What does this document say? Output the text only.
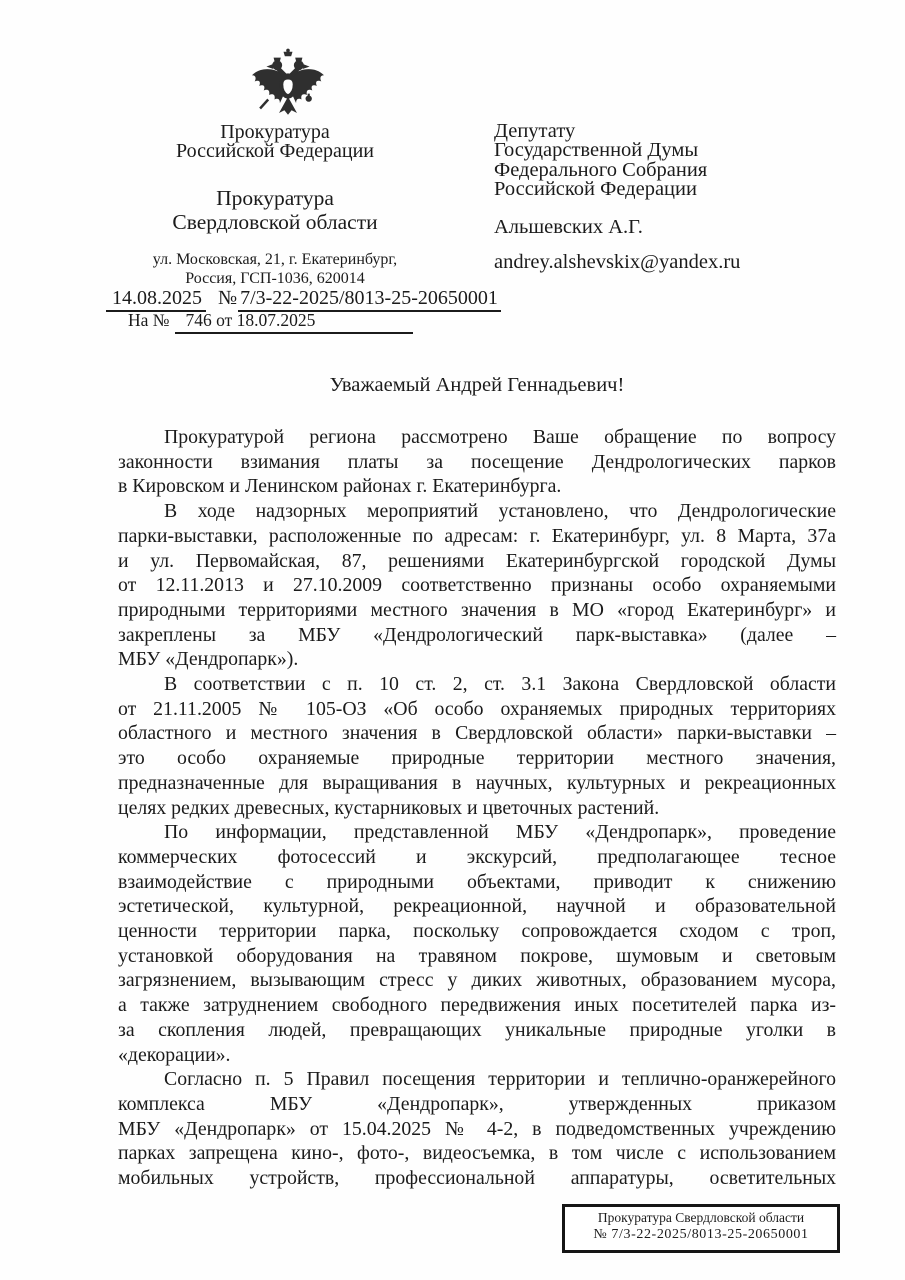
Прокуратура
Российской Федерации
Прокуратура
Свердловской области
ул. Московская, 21, г. Екатеринбург,
Россия, ГСП-1036, 620014
14.08.2025 № 7/3-22-2025/8013-25-20650001
На № 746 от 18.07.2025
Депутату
Государственной Думы
Федерального Собрания
Российской Федерации
Альшевских А.Г.
andrey.alshevskix@yandex.ru
Уважаемый Андрей Геннадьевич!
Прокуратурой региона рассмотрено Ваше обращение по вопросу
законности взимания платы за посещение Дендрологических парков
в Кировском и Ленинском районах г. Екатеринбурга.
В ходе надзорных мероприятий установлено, что Дендрологические
парки-выставки, расположенные по адресам: г. Екатеринбург, ул. 8 Марта, 37а
и ул. Первомайская, 87, решениями Екатеринбургской городской Думы
от 12.11.2013 и 27.10.2009 соответственно признаны особо охраняемыми
природными территориями местного значения в МО «город Екатеринбург» и
закреплены за МБУ «Дендрологический парк-выставка» (далее –
МБУ «Дендропарк»).
В соответствии с п. 10 ст. 2, ст. 3.1 Закона Свердловской области
от 21.11.2005 № 105-ОЗ «Об особо охраняемых природных территориях
областного и местного значения в Свердловской области» парки-выставки –
это особо охраняемые природные территории местного значения,
предназначенные для выращивания в научных, культурных и рекреационных
целях редких древесных, кустарниковых и цветочных растений.
По информации, представленной МБУ «Дендропарк», проведение
коммерческих фотосессий и экскурсий, предполагающее тесное
взаимодействие с природными объектами, приводит к снижению
эстетической, культурной, рекреационной, научной и образовательной
ценности территории парка, поскольку сопровождается сходом с троп,
установкой оборудования на травяном покрове, шумовым и световым
загрязнением, вызывающим стресс у диких животных, образованием мусора,
а также затруднением свободного передвижения иных посетителей парка из-
за скопления людей, превращающих уникальные природные уголки в
«декорации».
Согласно п. 5 Правил посещения территории и теплично-оранжерейного
комплекса МБУ «Дендропарк», утвержденных приказом
МБУ «Дендропарк» от 15.04.2025 № 4-2, в подведомственных учреждению
парках запрещена кино-, фото-, видеосъемка, в том числе с использованием
мобильных устройств, профессиональной аппаратуры, осветительных
Прокуратура Свердловской области
№ 7/3-22-2025/8013-25-20650001
